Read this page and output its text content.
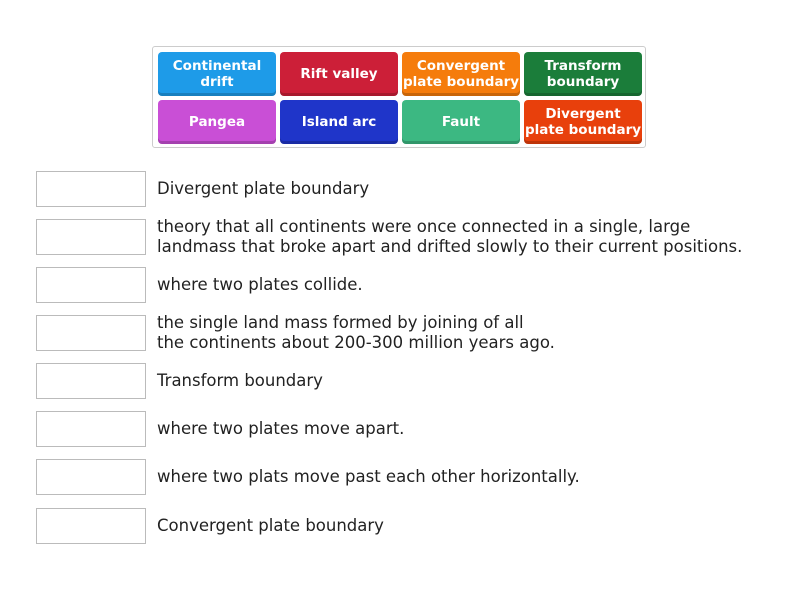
Continental
drift	Rift valley	Convergent
plate boundary
Transform
boundary
Pangea	Island arc	Fault	Divergent
plate boundary
Divergent plate boundary
theory that all continents were once connected in a single, large
landmass that broke apart and drifted slowly to their current positions.
where two plates collide.
the single land mass formed by joining of all
the continents about 200-300 million years ago.
Transform boundary
where two plates move apart.
where two plats move past each other horizontally.
Convergent plate boundary
